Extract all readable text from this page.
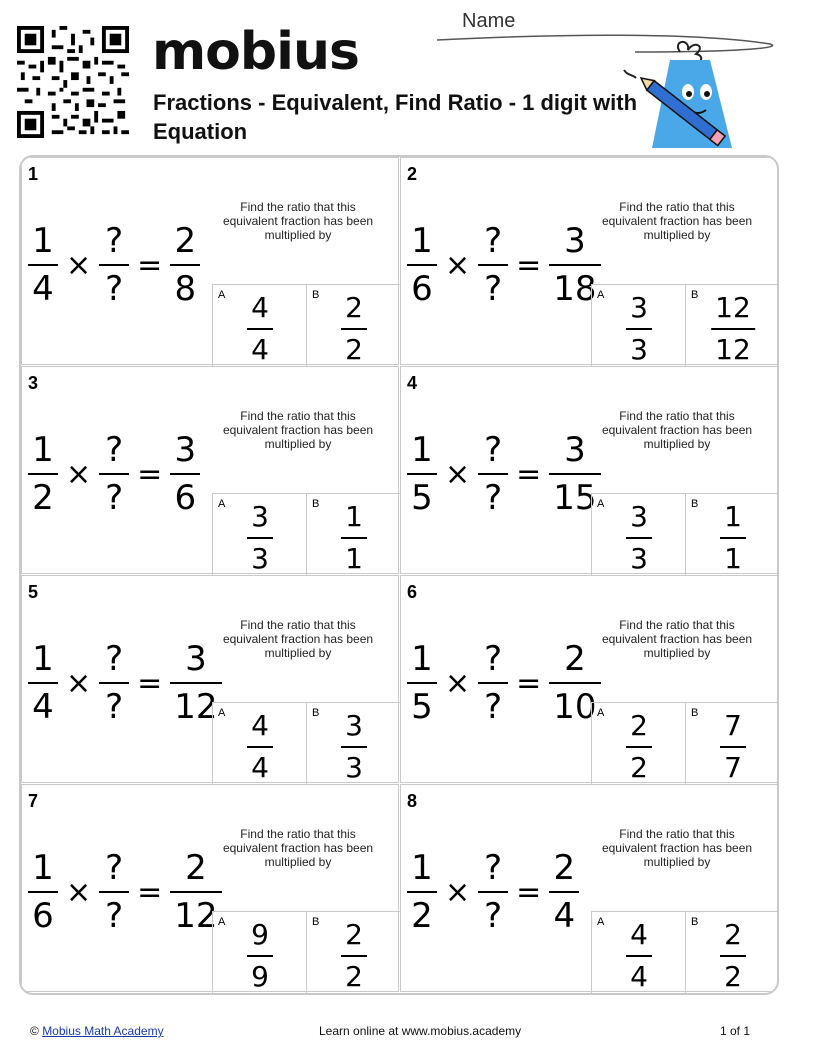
mobius
Fractions - Equivalent, Find Ratio - 1 digit with Equation
Name
1
$\frac{1}{4} \times \frac{?}{?} = \frac{2}{8}$
Find the ratio that this equivalent fraction has been multiplied by
A 4
4
B 2
2
2
$\frac{1}{6} \times \frac{?}{?} = \frac{3}{18}$
Find the ratio that this equivalent fraction has been multiplied by
A 3
3
B 12
12
3
$\frac{1}{2} \times \frac{?}{?} = \frac{3}{6}$
Find the ratio that this equivalent fraction has been multiplied by
A 3
3
B 1
1
4
$\frac{1}{5} \times \frac{?}{?} = \frac{3}{15}$
Find the ratio that this equivalent fraction has been multiplied by
A 3
3
B 1
1
5
$\frac{1}{4} \times \frac{?}{?} = \frac{3}{12}$
Find the ratio that this equivalent fraction has been multiplied by
A 4
4
B 3
3
6
$\frac{1}{5} \times \frac{?}{?} = \frac{2}{10}$
Find the ratio that this equivalent fraction has been multiplied by
A 2
2
B 7
7
7
$\frac{1}{6} \times \frac{?}{?} = \frac{2}{12}$
Find the ratio that this equivalent fraction has been multiplied by
A 9
9
B 2
2
8
$\frac{1}{2} \times \frac{?}{?} = \frac{2}{4}$
Find the ratio that this equivalent fraction has been multiplied by
A 4
4
B 2
2
© Mobius Math Academy	Learn online at www.mobius.academy	1 of 1
